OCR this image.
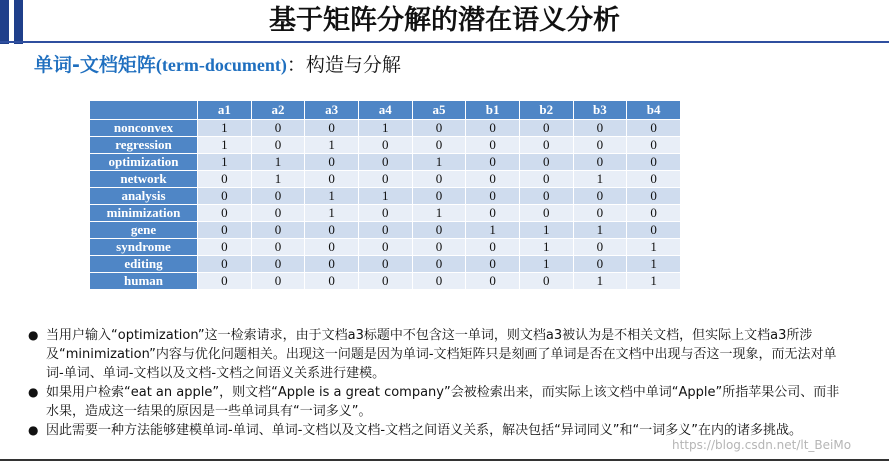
基于矩阵分解的潜在语义分析
单词-文档矩阵(term-document)：构造与分解
	a1	a2	a3	a4	a5	b1	b2	b3	b4
nonconvex	1	0	0	1	0	0	0	0	0
regression	1	0	1	0	0	0	0	0	0
optimization	1	1	0	0	1	0	0	0	0
network	0	1	0	0	0	0	0	1	0
analysis	0	0	1	1	0	0	0	0	0
minimization	0	0	1	0	1	0	0	0	0
gene	0	0	0	0	0	1	1	1	0
syndrome	0	0	0	0	0	0	1	0	1
editing	0	0	0	0	0	0	1	0	1
human	0	0	0	0	0	0	0	1	1
● 当用户输入“optimization”这一检索请求，由于文档a3标题中不包含这一单词，则文档a3被认为是不相关文档，但实际上文档a3所涉及“minimization”内容与优化问题相关。出现这一问题是因为单词-文档矩阵只是刻画了单词是否在文档中出现与否这一现象，而无法对单词-单词、单词-文档以及文档-文档之间语义关系进行建模。
● 如果用户检索“eat an apple”，则文档“Apple is a great company”会被检索出来，而实际上该文档中单词“Apple”所指苹果公司、而非水果，造成这一结果的原因是一些单词具有“一词多义”。
● 因此需要一种方法能够建模单词-单词、单词-文档以及文档-文档之间语义关系，解决包括“异词同义”和“一词多义”在内的诸多挑战。
https://blog.csdn.net/lt_BeiMo
